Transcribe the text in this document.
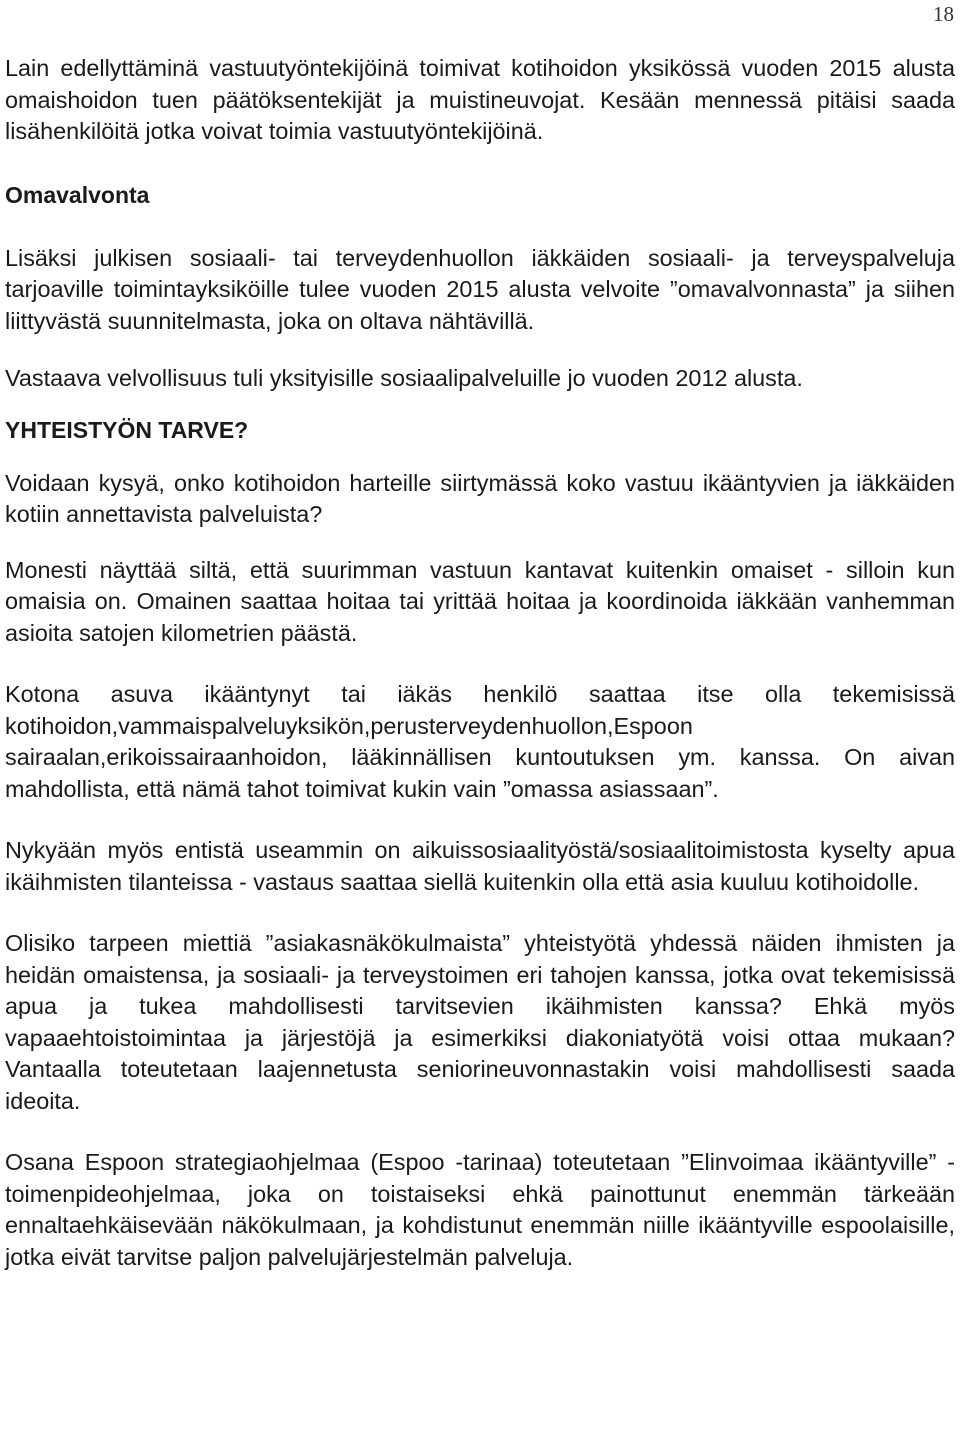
18

Lain edellyttäminä vastuutyöntekijöinä toimivat kotihoidon yksikössä vuoden 2015 alusta omaishoidon tuen päätöksentekijät ja muistineuvojat. Kesään mennessä pitäisi saada lisähenkilöitä jotka voivat toimia vastuutyöntekijöinä.

Omavalvonta

Lisäksi julkisen sosiaali- tai terveydenhuollon iäkkäiden sosiaali- ja terveyspalveluja tarjoaville toimintayksiköille tulee vuoden 2015 alusta velvoite ”omavalvonnasta” ja siihen liittyvästä suunnitelmasta, joka on oltava nähtävillä.

Vastaava velvollisuus tuli yksityisille sosiaalipalveluille jo vuoden 2012 alusta.

YHTEISTYÖN TARVE?

Voidaan kysyä, onko kotihoidon harteille siirtymässä koko vastuu ikääntyvien ja iäkkäiden kotiin annettavista palveluista?

Monesti näyttää siltä, että suurimman vastuun kantavat kuitenkin omaiset - silloin kun omaisia on. Omainen saattaa hoitaa tai yrittää hoitaa ja koordinoida iäkkään vanhemman asioita satojen kilometrien päästä.

Kotona asuva ikääntynyt tai iäkäs henkilö saattaa itse olla tekemisissä kotihoidon,vammaispalveluyksikön,perusterveydenhuollon,Espoon sairaalan,erikoissairaanhoidon, lääkinnällisen kuntoutuksen ym. kanssa. On aivan mahdollista, että nämä tahot toimivat kukin vain ”omassa asiassaan”.

Nykyään myös entistä useammin on aikuissosiaalityöstä/sosiaalitoimistosta kyselty apua ikäihmisten tilanteissa - vastaus saattaa siellä kuitenkin olla että asia kuuluu kotihoidolle.

Olisiko tarpeen miettiä ”asiakasnäkökulmaista” yhteistyötä yhdessä näiden ihmisten ja heidän omaistensa, ja sosiaali- ja terveystoimen eri tahojen kanssa, jotka ovat tekemisissä apua ja tukea mahdollisesti tarvitsevien ikäihmisten kanssa? Ehkä myös vapaaehtoistoimintaa ja järjestöjä ja esimerkiksi diakoniatyötä voisi ottaa mukaan? Vantaalla toteutetaan laajennetusta seniorineuvonnastakin voisi mahdollisesti saada ideoita.

Osana Espoon strategiaohjelmaa (Espoo -tarinaa) toteutetaan ”Elinvoimaa ikääntyville” -toimenpideohjelmaa, joka on toistaiseksi ehkä painottunut enemmän tärkeään ennaltaehkäisevään näkökulmaan, ja kohdistunut enemmän niille ikääntyville espoolaisille, jotka eivät tarvitse paljon palvelujärjestelmän palveluja.
